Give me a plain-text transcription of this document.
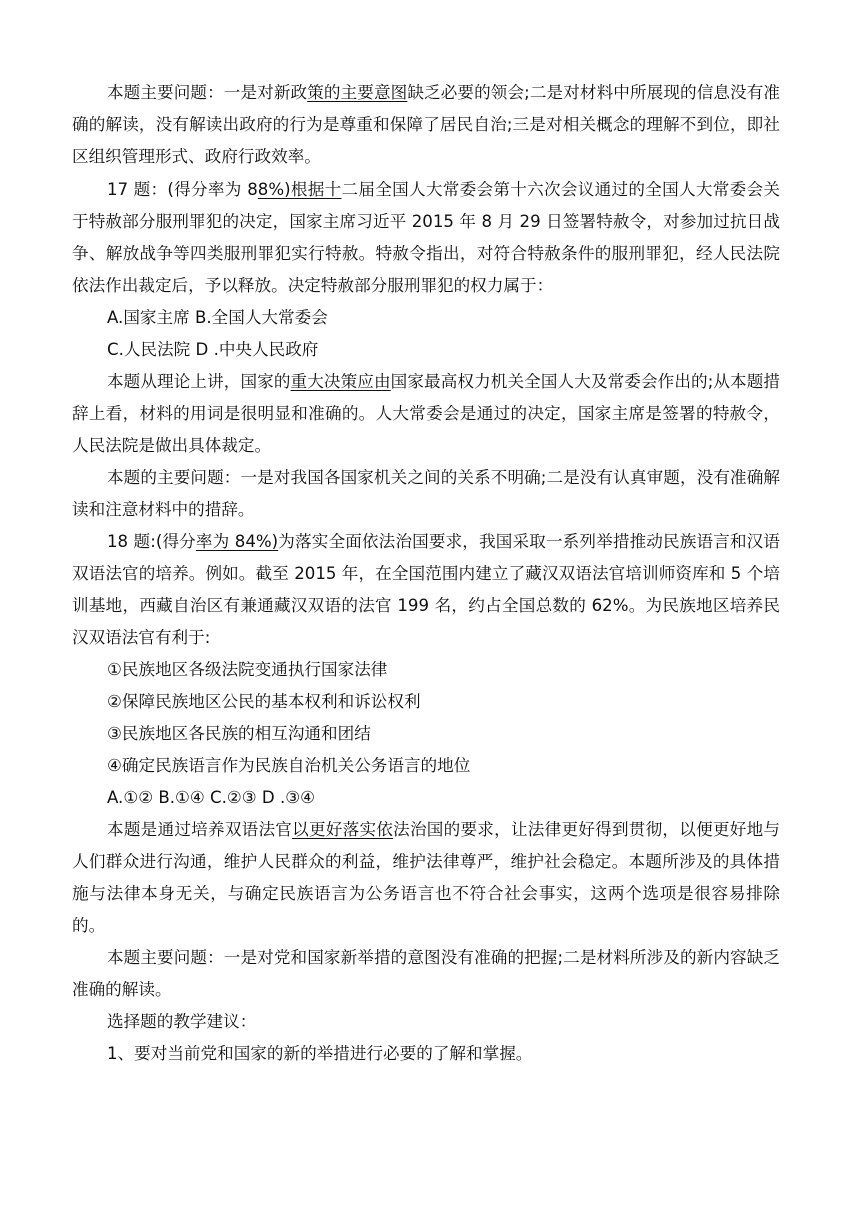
本题主要问题：一是对新政策的主要意图缺乏必要的领会;二是对材料中所展现的信息没有准确的解读，没有解读出政府的行为是尊重和保障了居民自治;三是对相关概念的理解不到位，即社区组织管理形式、政府行政效率。

17 题：(得分率为 88%)根据十二届全国人大常委会第十六次会议通过的全国人大常委会关于特赦部分服刑罪犯的决定，国家主席习近平 2015 年 8 月 29 日签署特赦令，对参加过抗日战争、解放战争等四类服刑罪犯实行特赦。特赦令指出，对符合特赦条件的服刑罪犯，经人民法院依法作出裁定后，予以释放。决定特赦部分服刑罪犯的权力属于：

A.国家主席 B.全国人大常委会

C.人民法院 D .中央人民政府

本题从理论上讲，国家的重大决策应由国家最高权力机关全国人大及常委会作出的;从本题措辞上看，材料的用词是很明显和准确的。人大常委会是通过的决定，国家主席是签署的特赦令，人民法院是做出具体裁定。

本题的主要问题：一是对我国各国家机关之间的关系不明确;二是没有认真审题，没有准确解读和注意材料中的措辞。

18 题:(得分率为 84%)为落实全面依法治国要求，我国采取一系列举措推动民族语言和汉语双语法官的培养。例如。截至 2015 年，在全国范围内建立了藏汉双语法官培训师资库和 5 个培训基地，西藏自治区有兼通藏汉双语的法官 199 名，约占全国总数的 62%。为民族地区培养民汉双语法官有利于:

①民族地区各级法院变通执行国家法律

②保障民族地区公民的基本权利和诉讼权利

③民族地区各民族的相互沟通和团结

④确定民族语言作为民族自治机关公务语言的地位

A.①② B.①④ C.②③ D .③④

本题是通过培养双语法官以更好落实依法治国的要求，让法律更好得到贯彻，以便更好地与人们群众进行沟通，维护人民群众的利益，维护法律尊严，维护社会稳定。本题所涉及的具体措施与法律本身无关，与确定民族语言为公务语言也不符合社会事实，这两个选项是很容易排除的。

本题主要问题：一是对党和国家新举措的意图没有准确的把握;二是材料所涉及的新内容缺乏准确的解读。

选择题的教学建议：

1、要对当前党和国家的新的举措进行必要的了解和掌握。
